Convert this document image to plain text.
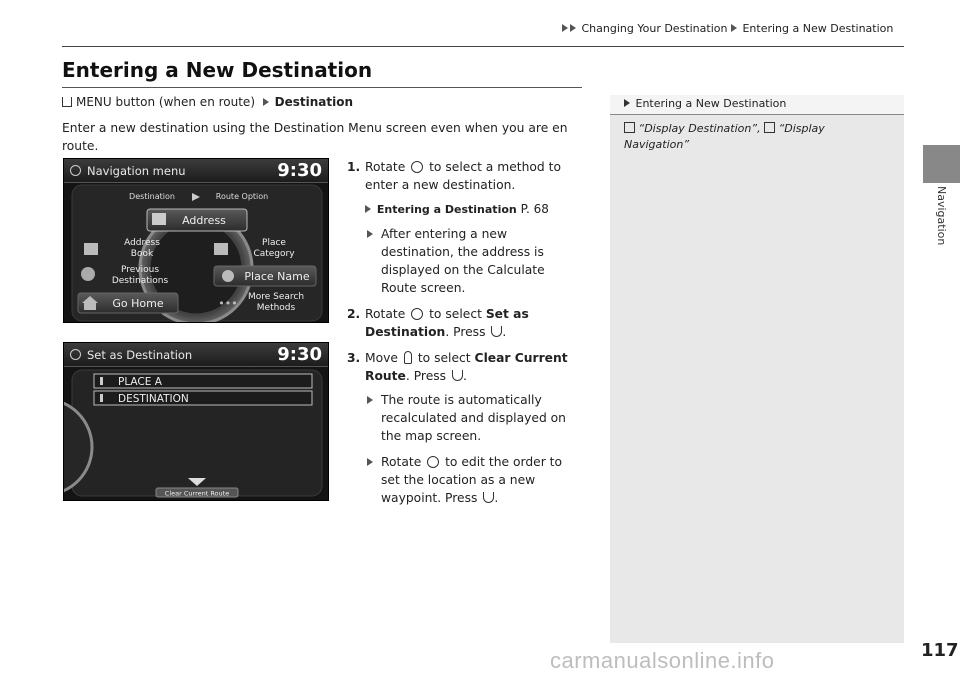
Changing Your Destination Entering a New Destination
Entering a New Destination
MENU button (when en route) Destination
Enter a new destination using the Destination Menu screen even when you are en route.
Navigation menu	9:30
Destination	Route Option
Address
Address Book
Place Category
Previous Destinations	Place Name
Go Home	••• More Search Methods
Set as Destination	9:30
PLACE A
DESTINATION
Clear Current Route
1. Rotate to select a method to enter a new destination.
Entering a Destination P. 68
After entering a new destination, the address is displayed on the Calculate Route screen.
2. Rotate to select Set as Destination. Press .
3. Move to select Clear Current Route. Press .
The route is automatically recalculated and displayed on the map screen.
Rotate to edit the order to set the location as a new waypoint. Press .
Entering a New Destination
“Display Destination”,  “Display Navigation”
Navigation
117
carmanualsonline.info
